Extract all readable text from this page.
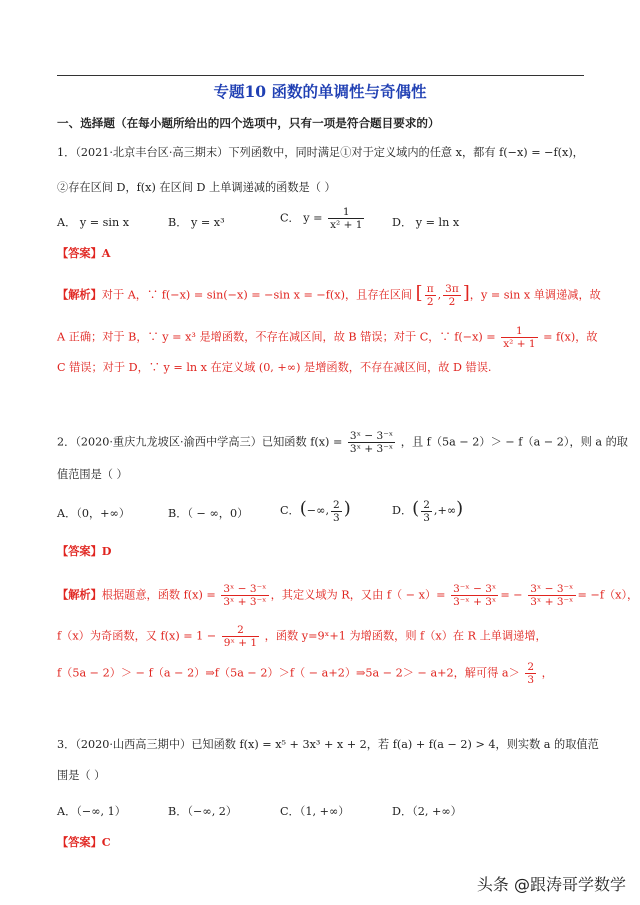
专题10 函数的单调性与奇偶性
一、选择题（在每小题所给出的四个选项中，只有一项是符合题目要求的）
1．（2021·北京丰台区·高三期末）下列函数中，同时满足①对于定义域内的任意 x，都有 f(−x) = −f(x)，
②存在区间 D，f(x) 在区间 D 上单调递减的函数是（ ）
A． y = sin x	B． y = x³	C． $y = \frac{1}{\text{x² + 1}}$ D． y = ln x
【答案】A
【解析】对于 A，∵ f(−x) = sin(−x) = −sin x = −f(x)，且存在区间 [ $\frac{\pi}{2}$ , $\frac{3\pi}{2}$ ]，y = sin x 单调递减，故
A 正确；对于 B，∵ y = x³ 是增函数，不存在减区间，故 B 错误；对于 C，∵ $f(-x) = \frac{1}{\text{x² + 1}} = f(x)$，故
C 错误；对于 D，∵ y = ln x 在定义域 (0, +∞) 是增函数，不存在减区间，故 D 错误.
2．（2020·重庆九龙坡区·渝西中学高三）已知函数 $f(x) = \frac{\text{3ˣ − 3⁻ˣ}}{\text{3ˣ + 3⁻ˣ}}$ ，且 f（5a − 2）＞ − f（a − 2），则 a 的取
值范围是（ ）
A．（0，+∞）	B．（ − ∞，0）	C．(−∞, $\frac{2}{3}$ )	D．( $\frac{2}{3}$ ,+∞)
【答案】D
【解析】根据题意，函数 $f(x) = \frac{\text{3ˣ − 3⁻ˣ}}{\text{3ˣ + 3⁻ˣ}}$ ，其定义域为 R，又由 $f( - x)= \frac{\text{3⁻ˣ − 3ˣ}}{\text{3⁻ˣ + 3ˣ}}$ = − $\frac{\text{3ˣ − 3⁻ˣ}}{\text{3ˣ + 3⁻ˣ}} = -f(x)$，
f（x）为奇函数，又 $f(x) = 1 - \frac{2}{\text{9ˣ + 1}}$ ，函数 y=9ˣ+1 为增函数，则 f（x）在 R 上单调递增，
f（5a − 2）＞ − f（a − 2）⇒f（5a − 2）＞f（ − a+2）⇒5a − 2＞ − a+2，解可得 $a> \frac{2}{3}$ ，
3．（2020·山西高三期中）已知函数 f(x) = x⁵ + 3x³ + x + 2，若 f(a) + f(a − 2) > 4，则实数 a 的取值范
围是（ ）
A．（−∞, 1）	B．（−∞, 2）	C．（1, +∞）	D．（2, +∞）
【答案】C
头条 @跟涛哥学数学
